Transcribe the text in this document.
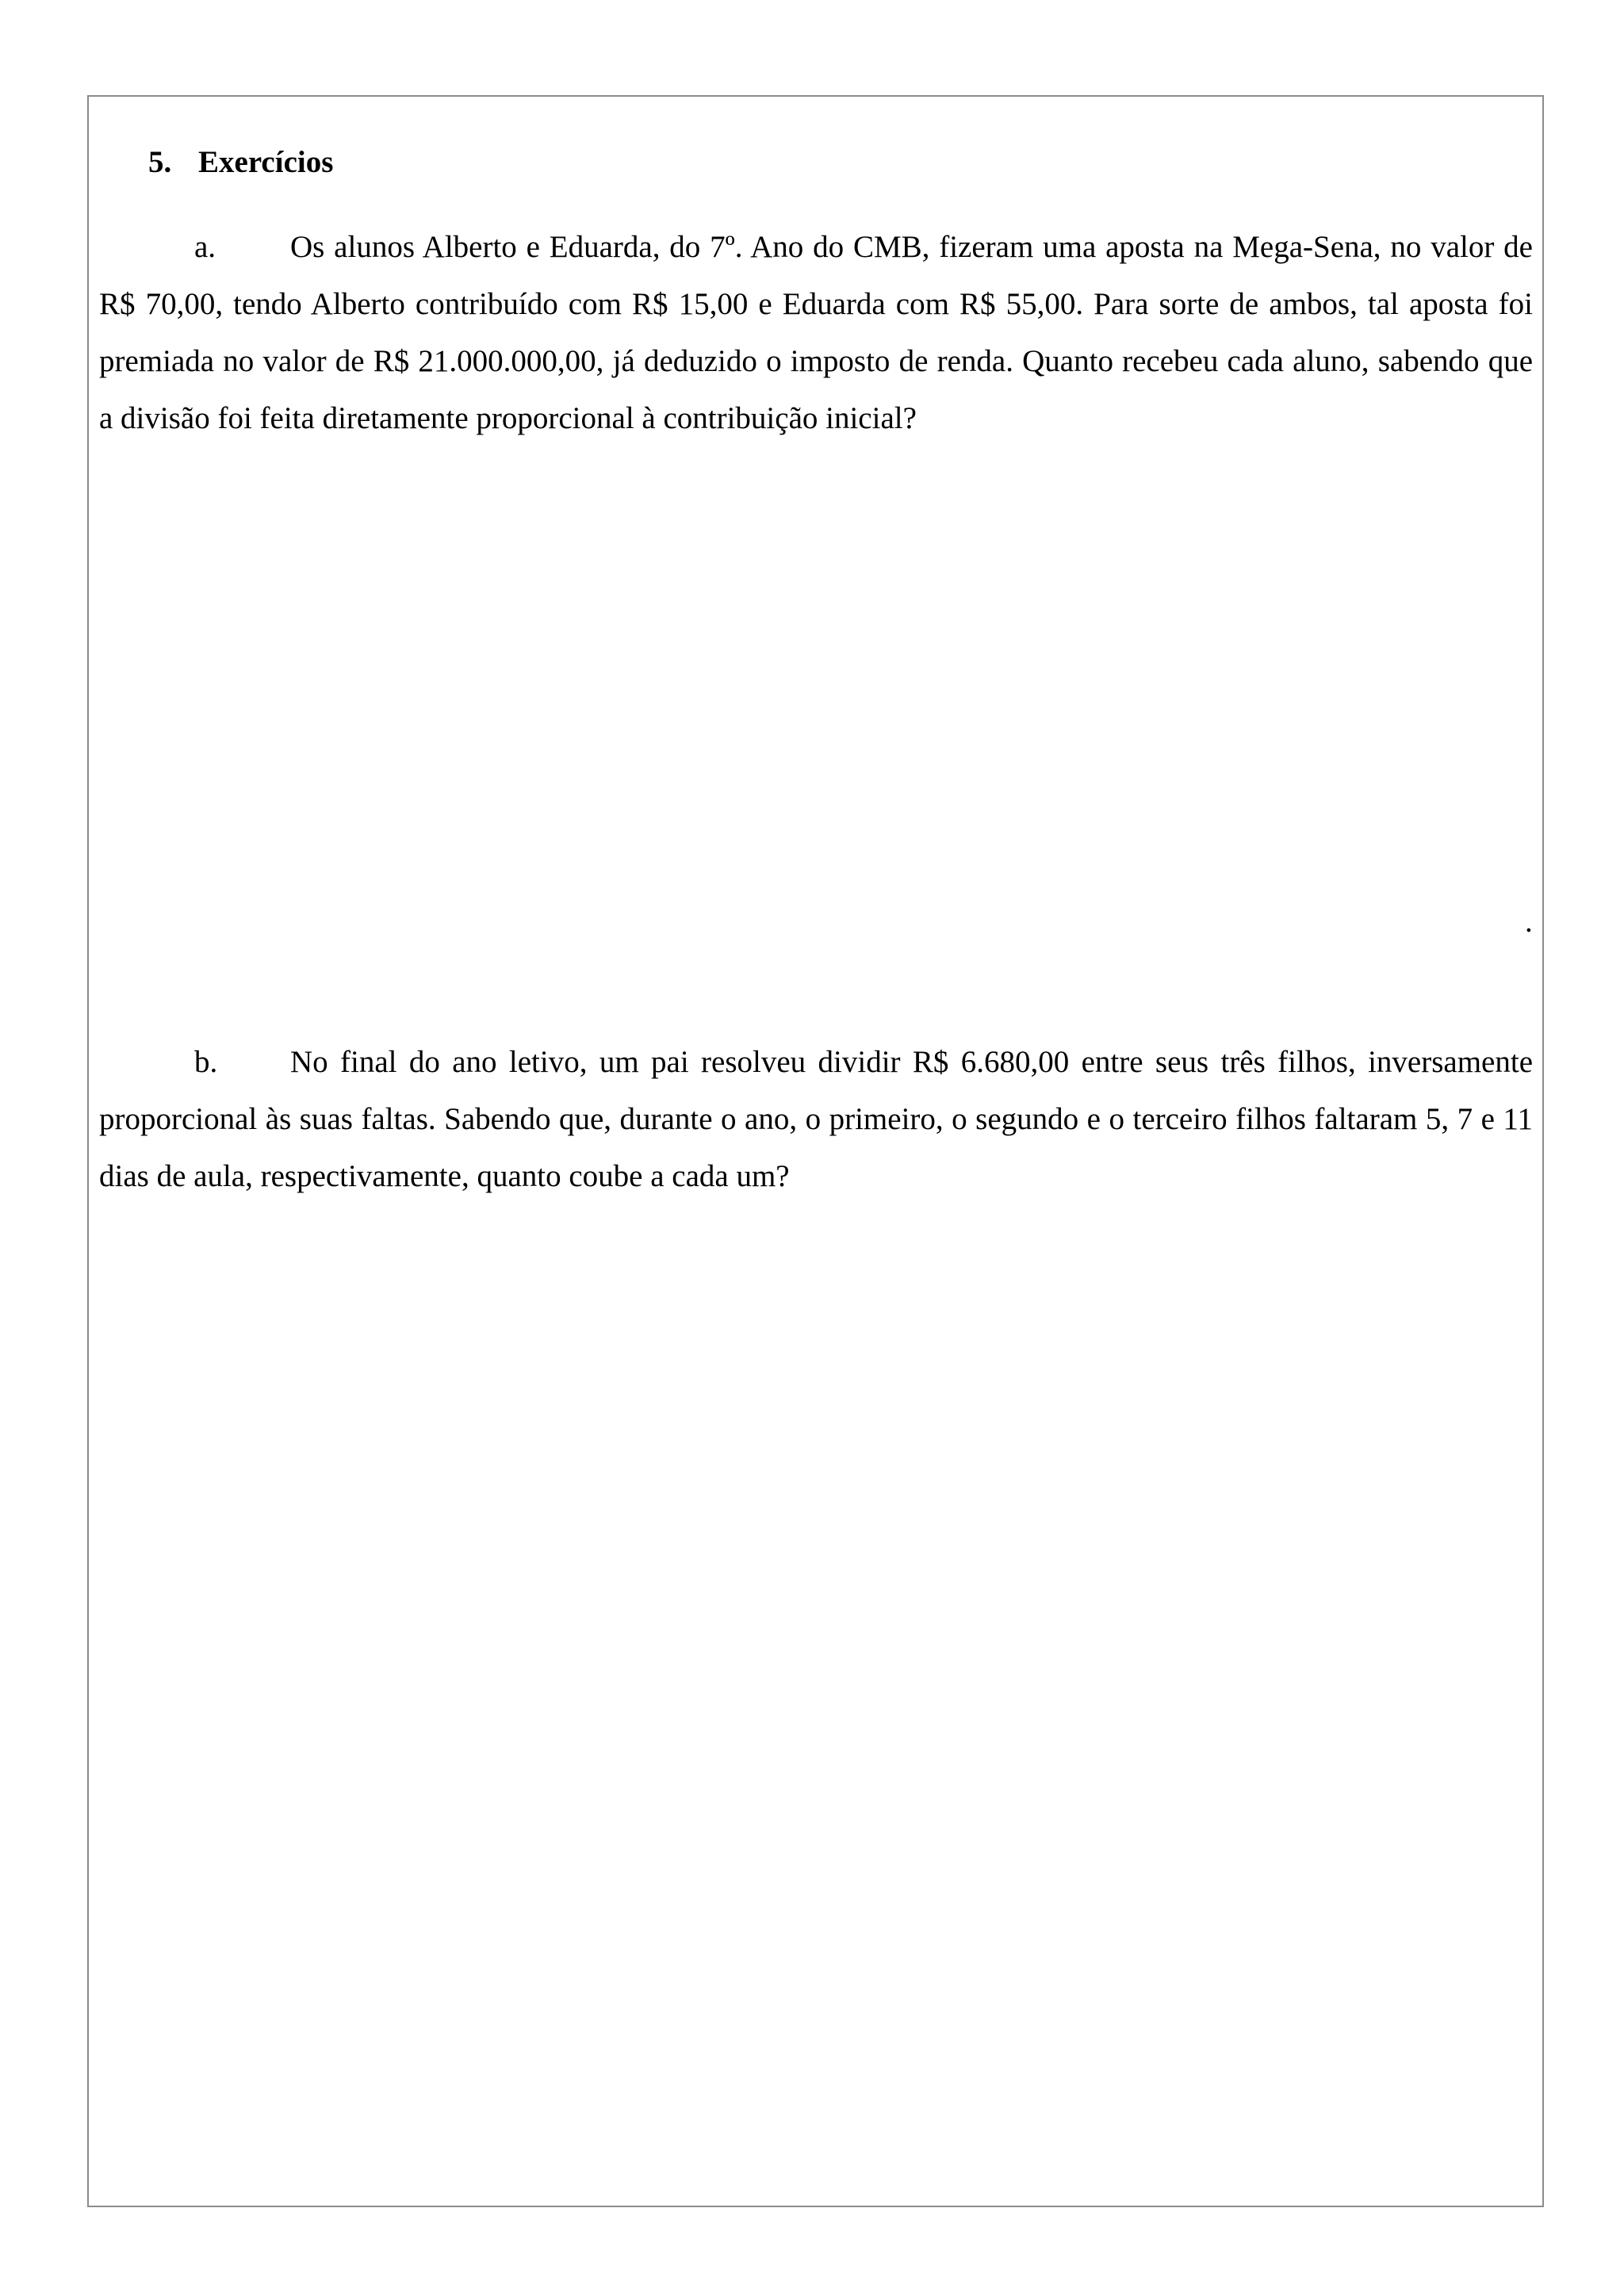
.
5. Exercícios

a. Os alunos Alberto e Eduarda, do 7º. Ano do CMB, fizeram uma aposta na Mega-Sena, no valor de R$ 70,00, tendo Alberto contribuído com R$ 15,00 e Eduarda com R$ 55,00. Para sorte de ambos, tal aposta foi premiada no valor de R$ 21.000.000,00, já deduzido o imposto de renda. Quanto recebeu cada aluno, sabendo que a divisão foi feita diretamente proporcional à contribuição inicial?

b. No final do ano letivo, um pai resolveu dividir R$ 6.680,00 entre seus três filhos, inversamente proporcional às suas faltas. Sabendo que, durante o ano, o primeiro, o segundo e o terceiro filhos faltaram 5, 7 e 11 dias de aula, respectivamente, quanto coube a cada um?
